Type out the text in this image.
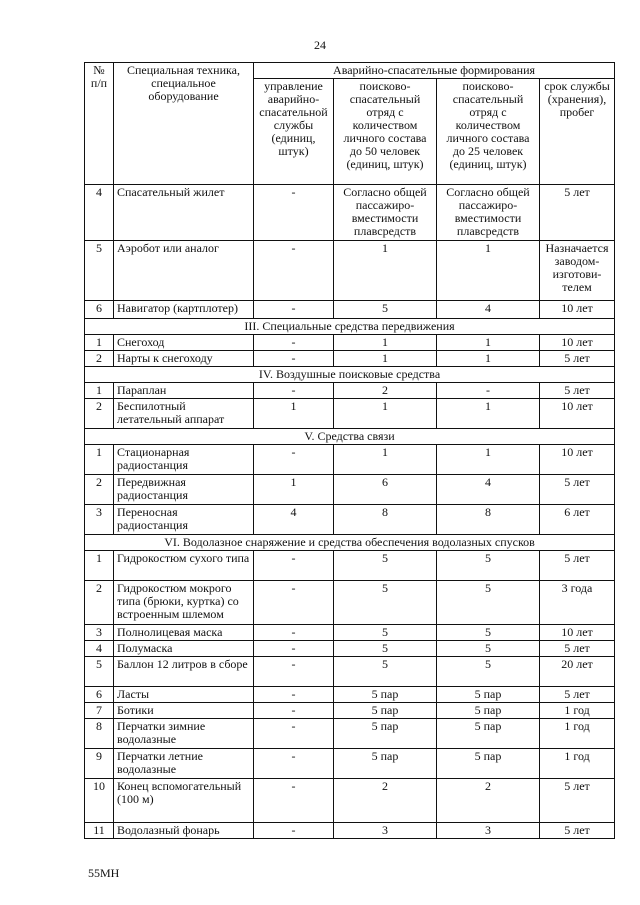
24
№ п/п	Специальная техника, специальное оборудование	Аварийно-спасательные формирования			
		управление аварийно-спасательной службы (единиц, штук)	поисково-спасательный отряд с количеством личного состава до 50 человек (единиц, штук)	поисково-спасательный отряд с количеством личного состава до 25 человек (единиц, штук)	срок службы (хранения), пробег
4	Спасательный жилет	-	Согласно общей пассажиро-вместимости плавсредств	Согласно общей пассажиро-вместимости плавсредств	5 лет
5	Аэробот или аналог	-	1	1	Назначается заводом-изготови-телем
6	Навигатор (картплотер)	-	5	4	10 лет
III. Специальные средства передвижения					
1	Снегоход	-	1	1	10 лет
2	Нарты к снегоходу	-	1	1	5 лет
IV. Воздушные поисковые средства					
1	Параплан	-	2	-	5 лет
2	Беспилотный летательный аппарат	1	1	1	10 лет
V. Средства связи					
1	Стационарная радиостанция	-	1	1	10 лет
2	Передвижная радиостанция	1	6	4	5 лет
3	Переносная радиостанция	4	8	8	6 лет
VI. Водолазное снаряжение и средства обеспечения водолазных спусков					
1	Гидрокостюм сухого типа	-	5	5	5 лет
2	Гидрокостюм мокрого типа (брюки, куртка) со встроенным шлемом	-	5	5	3 года
3	Полнолицевая маска	-	5	5	10 лет
4	Полумаска	-	5	5	5 лет
5	Баллон 12 литров в сборе	-	5	5	20 лет
6	Ласты	-	5 пар	5 пар	5 лет
7	Ботики	-	5 пар	5 пар	1 год
8	Перчатки зимние водолазные	-	5 пар	5 пар	1 год
9	Перчатки летние водолазные	-	5 пар	5 пар	1 год
10	Конец вспомогательный (100 м)	-	2	2	5 лет
11	Водолазный фонарь	-	3	3	5 лет
55МН
